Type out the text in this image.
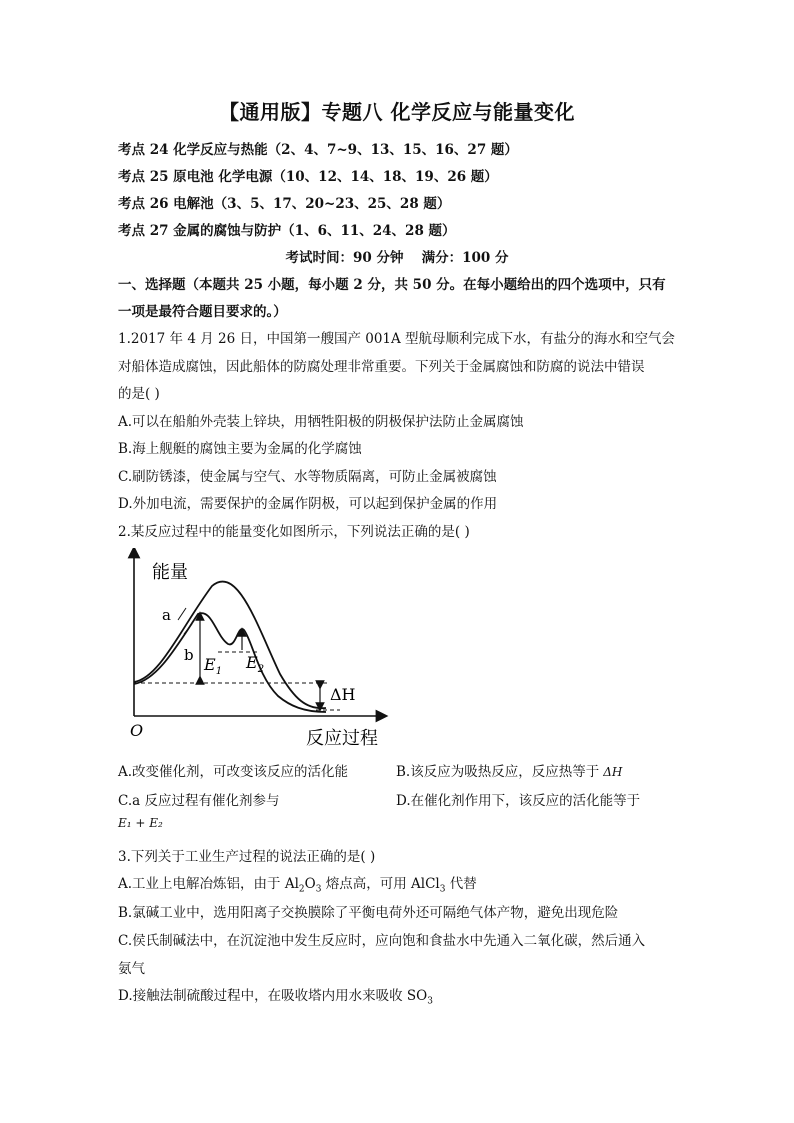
【通用版】专题八 化学反应与能量变化
考点 24 化学反应与热能（2、4、7~9、13、15、16、27 题）
考点 25 原电池 化学电源（10、12、14、18、19、26 题）
考点 26 电解池（3、5、17、20~23、25、28 题）
考点 27 金属的腐蚀与防护（1、6、11、24、28 题）
考试时间：90 分钟　 满分：100 分
一、选择题（本题共 25 小题，每小题 2 分，共 50 分。在每小题给出的四个选项中，只有
一项是最符合题目要求的。）
1.2017 年 4 月 26 日，中国第一艘国产 001A 型航母顺利完成下水，有盐分的海水和空气会
对船体造成腐蚀，因此船体的防腐处理非常重要。下列关于金属腐蚀和防腐的说法中错误
的是( )
A.可以在船舶外壳装上锌块，用牺牲阳极的阴极保护法防止金属腐蚀
B.海上舰艇的腐蚀主要为金属的化学腐蚀
C.刷防锈漆，使金属与空气、水等物质隔离，可防止金属被腐蚀
D.外加电流，需要保护的金属作阴极，可以起到保护金属的作用
2.某反应过程中的能量变化如图所示，下列说法正确的是( )
能量
反应过程
O
a
b $E_1$ $E_2$
ΔH
A.改变催化剂，可改变该反应的活化能	B.该反应为吸热反应，反应热等于 ΔH
C.a 反应过程有催化剂参与	D.在催化剂作用下，该反应的活化能等于
E₁ + E₂
3.下列关于工业生产过程的说法正确的是( )
A.工业上电解冶炼铝，由于 $Al_2O_3$ 熔点高，可用 AlCl$_3$ 代替
B.氯碱工业中，选用阳离子交换膜除了平衡电荷外还可隔绝气体产物，避免出现危险
C.侯氏制碱法中，在沉淀池中发生反应时，应向饱和食盐水中先通入二氧化碳，然后通入
氨气
D.接触法制硫酸过程中，在吸收塔内用水来吸收 $SO_3$
